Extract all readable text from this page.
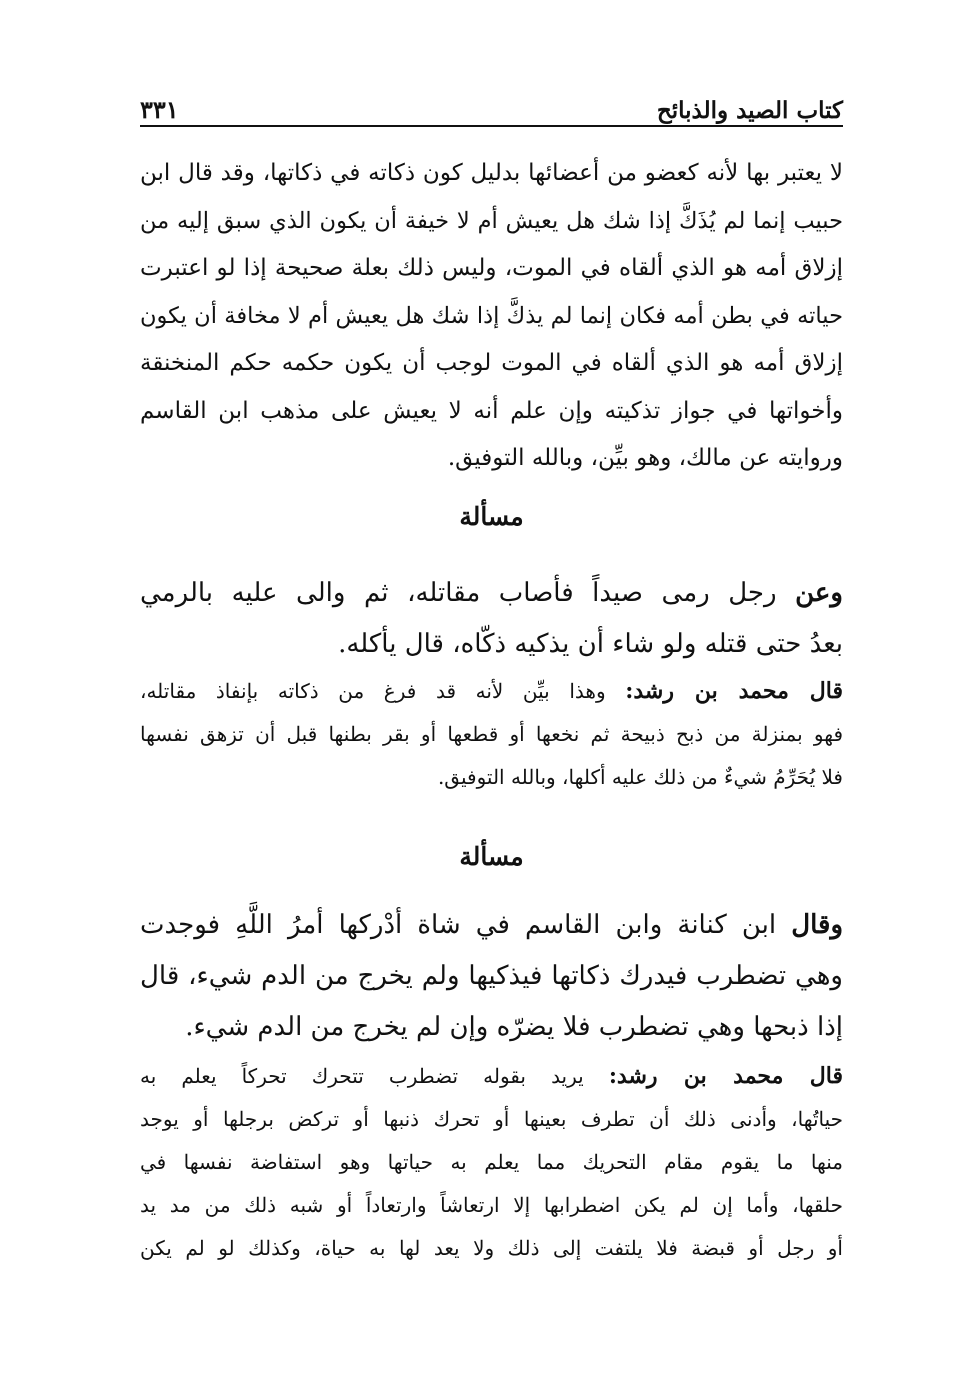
٣٣١	كتاب الصيد والذبائح
لا يعتبر بها لأنه كعضو من أعضائها بدليل كون ذكاته في ذكاتها، وقد قال ابن
حبيب إنما لم يُذَكَّ إذا شك هل يعيش أم لا خيفة أن يكون الذي سبق إليه من
إزلاق أمه هو الذي ألقاه في الموت، وليس ذلك بعلة صحيحة إذا لو اعتبرت
حياته في بطن أمه فكان إنما لم يذكَّ إذا شك هل يعيش أم لا مخافة أن يكون
إزلاق أمه هو الذي ألقاه في الموت لوجب أن يكون حكمه حكم المنخنقة
وأخواتها في جواز تذكيته وإن علم أنه لا يعيش على مذهب ابن القاسم
وروايته عن مالك، وهو بيِّن، وبالله التوفيق.
مسألة
وعن رجل رمى صيداً فأصاب مقاتله، ثم والى عليه بالرمي
بعدُ حتى قتله ولو شاء أن يذكيه ذكّاه، قال يأكله.
قال محمد بن رشد: وهذا بيِّن لأنه قد فرغ من ذكاته بإنفاذ مقاتله،
فهو بمنزلة من ذبح ذبيحة ثم نخعها أو قطعها أو بقر بطنها قبل أن تزهق نفسها
فلا يُحَرِّمُ شيءٌ من ذلك عليه أكلها، وبالله التوفيق.
مسألة
وقال ابن كنانة وابن القاسم في شاة أدْركها أمرُ اللَّهِ فوجدت
وهي تضطرب فيدرك ذكاتها فيذكيها ولم يخرج من الدم شيء، قال
إذا ذبحها وهي تضطرب فلا يضرّه وإن لم يخرج من الدم شيء.
قال محمد بن رشد: يريد بقوله تضطرب تتحرك تحركاً يعلم به
حياتُها، وأدنى ذلك أن تطرف بعينها أو تحرك ذنبها أو تركض برجلها أو يوجد
منها ما يقوم مقام التحريك مما يعلم به حياتها وهو استفاضة نفسها في
حلقها، وأما إن لم يكن اضطرابها إلا ارتعاشاً وارتعاداً أو شبه ذلك من مد يد
أو رجل أو قبضة فلا يلتفت إلى ذلك ولا يعد لها به حياة، وكذلك لو لم يكن
